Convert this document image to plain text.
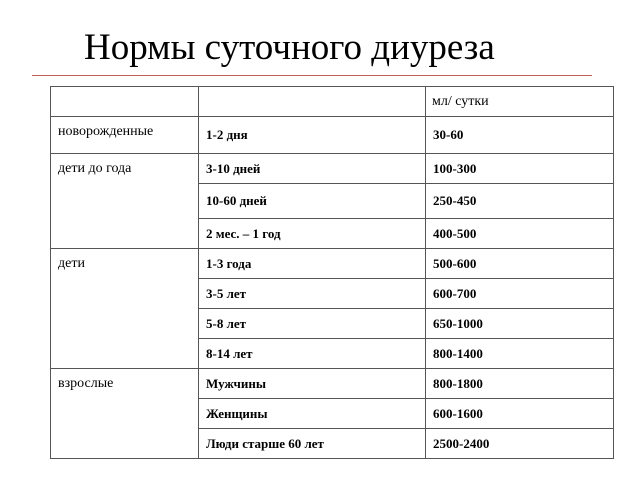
Нормы суточного диуреза
		мл/ сутки
новорожденные	1-2 дня	30-60
дети до года	3-10 дней	100-300
	10-60 дней	250-450
	2 мес. – 1 год	400-500
дети	1-3 года	500-600
	3-5 лет	600-700
	5-8 лет	650-1000
	8-14 лет	800-1400
взрослые	Мужчины	800-1800
	Женщины	600-1600
	Люди старше 60 лет	2500-2400
